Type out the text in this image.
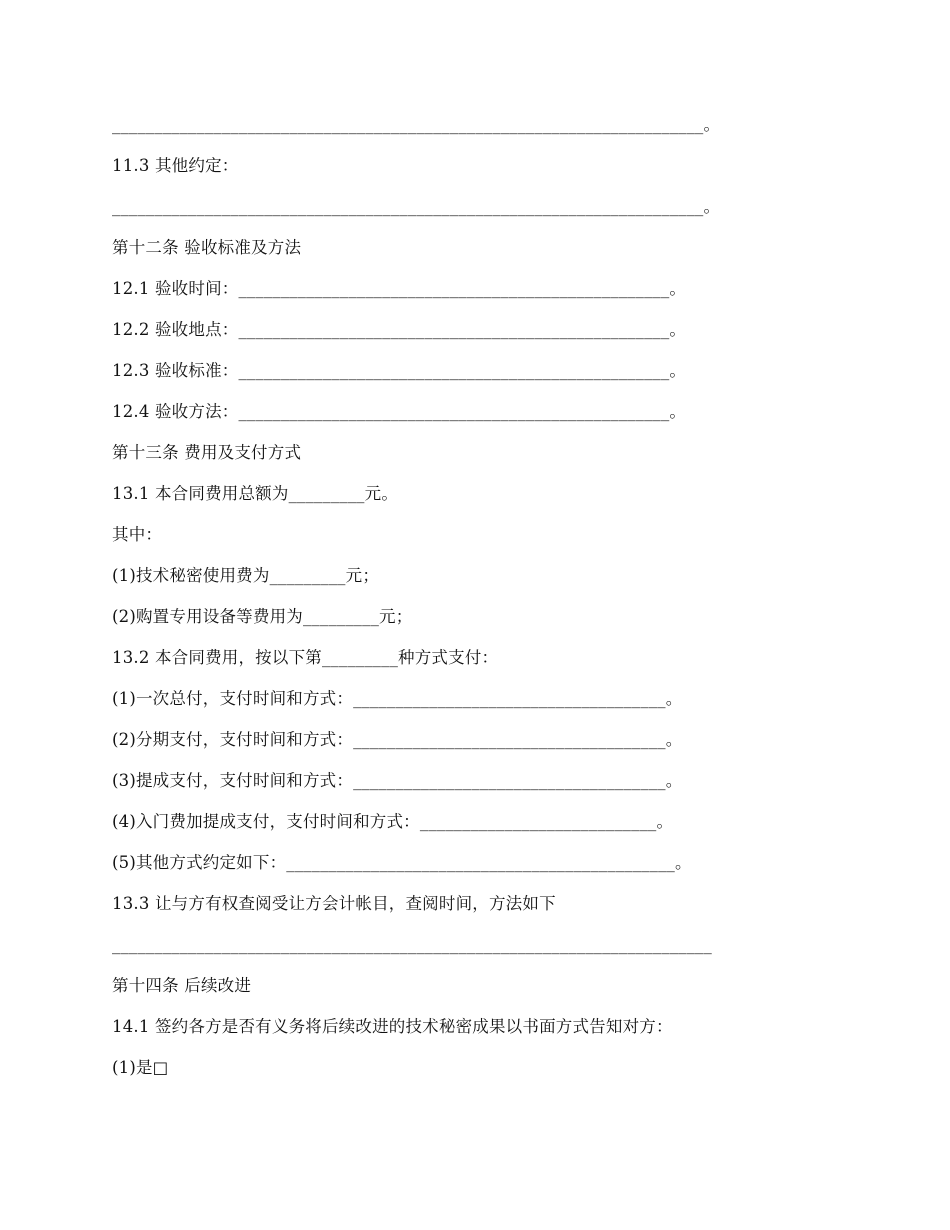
______________________________________________________________________。
11.3 其他约定：
______________________________________________________________________。
第十二条 验收标准及方法
12.1 验收时间：___________________________________________________。
12.2 验收地点：___________________________________________________。
12.3 验收标准：___________________________________________________。
12.4 验收方法：___________________________________________________。
第十三条 费用及支付方式
13.1 本合同费用总额为_________元。
其中：
(1)技术秘密使用费为_________元；
(2)购置专用设备等费用为_________元；
13.2 本合同费用，按以下第_________种方式支付：
(1)一次总付，支付时间和方式：_____________________________________。
(2)分期支付，支付时间和方式：_____________________________________。
(3)提成支付，支付时间和方式：_____________________________________。
(4)入门费加提成支付，支付时间和方式：____________________________。
(5)其他方式约定如下：______________________________________________。
13.3 让与方有权查阅受让方会计帐目，查阅时间，方法如下
_______________________________________________________________________
第十四条 后续改进
14.1 签约各方是否有义务将后续改进的技术秘密成果以书面方式告知对方：
(1)是□
